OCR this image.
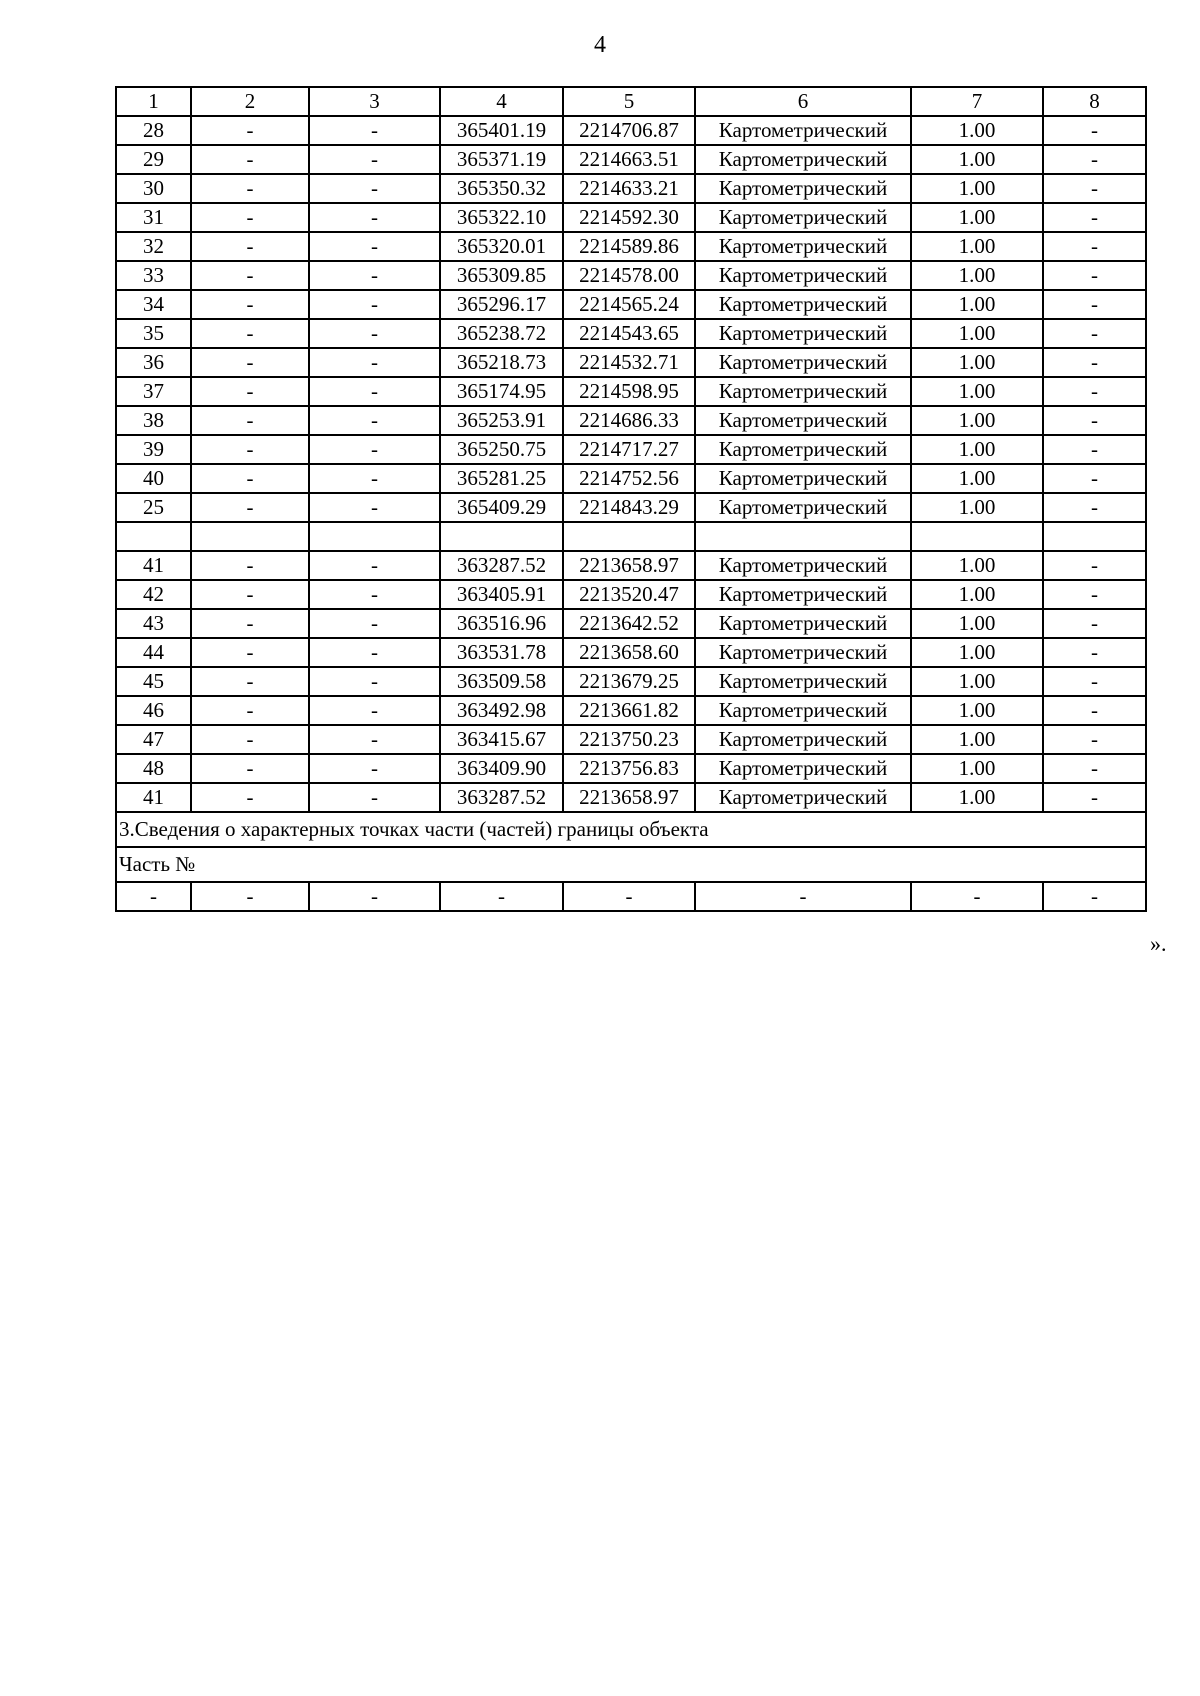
4
1	2	3	4	5	6	7	8
28	-	-	365401.19	2214706.87	Картометрический	1.00	-
29	-	-	365371.19	2214663.51	Картометрический	1.00	-
30	-	-	365350.32	2214633.21	Картометрический	1.00	-
31	-	-	365322.10	2214592.30	Картометрический	1.00	-
32	-	-	365320.01	2214589.86	Картометрический	1.00	-
33	-	-	365309.85	2214578.00	Картометрический	1.00	-
34	-	-	365296.17	2214565.24	Картометрический	1.00	-
35	-	-	365238.72	2214543.65	Картометрический	1.00	-
36	-	-	365218.73	2214532.71	Картометрический	1.00	-
37	-	-	365174.95	2214598.95	Картометрический	1.00	-
38	-	-	365253.91	2214686.33	Картометрический	1.00	-
39	-	-	365250.75	2214717.27	Картометрический	1.00	-
40	-	-	365281.25	2214752.56	Картометрический	1.00	-
25	-	-	365409.29	2214843.29	Картометрический	1.00	-

41	-	-	363287.52	2213658.97	Картометрический	1.00	-
42	-	-	363405.91	2213520.47	Картометрический	1.00	-
43	-	-	363516.96	2213642.52	Картометрический	1.00	-
44	-	-	363531.78	2213658.60	Картометрический	1.00	-
45	-	-	363509.58	2213679.25	Картометрический	1.00	-
46	-	-	363492.98	2213661.82	Картометрический	1.00	-
47	-	-	363415.67	2213750.23	Картометрический	1.00	-
48	-	-	363409.90	2213756.83	Картометрический	1.00	-
41	-	-	363287.52	2213658.97	Картометрический	1.00	-
3.Сведения о характерных точках части (частей) границы объекта							
Часть №							
-	-	-	-	-	-	-	-
».
